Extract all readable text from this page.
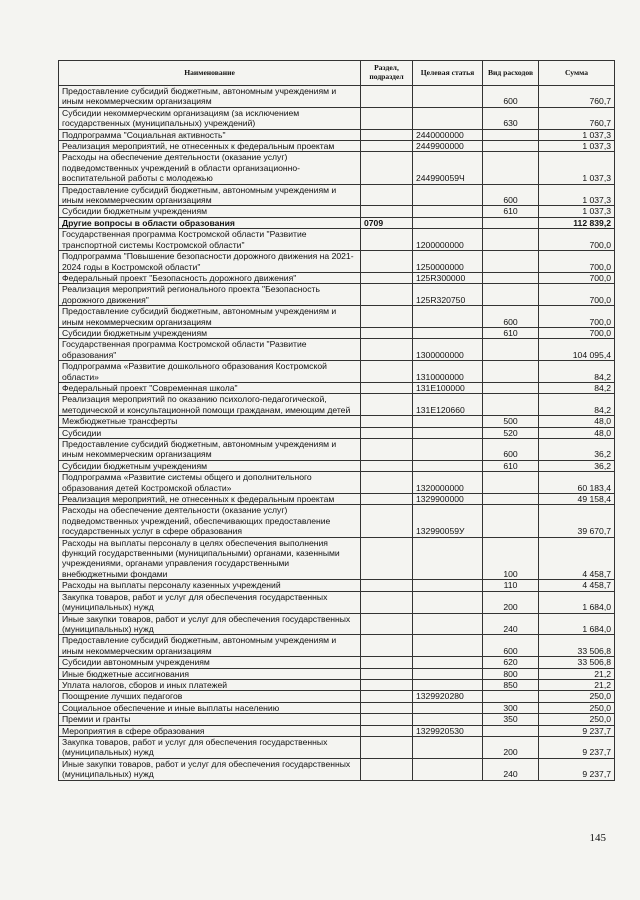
Наименование	Раздел, подраздел	Целевая статья	Вид расходов	Сумма
Предоставление субсидий бюджетным, автономным учреждениям и иным некоммерческим организациям			600	760,7
Субсидии некоммерческим организациям (за исключением государственных (муниципальных) учреждений)			630	760,7
Подпрограмма "Социальная активность"		2440000000		1 037,3
Реализация мероприятий, не отнесенных к федеральным проектам		2449900000		1 037,3
Расходы на обеспечение деятельности (оказание услуг) подведомственных учреждений в области организационно-воспитательной работы с молодежью		244990059Ч		1 037,3
Предоставление субсидий бюджетным, автономным учреждениям и иным некоммерческим организациям			600	1 037,3
Субсидии бюджетным учреждениям			610	1 037,3
Другие вопросы в области образования	0709			112 839,2
Государственная программа Костромской области "Развитие транспортной системы Костромской области"		1200000000		700,0
Подпрограмма "Повышение безопасности дорожного движения на 2021-2024 годы в Костромской области"		1250000000		700,0
Федеральный проект "Безопасность дорожного движения"		125R300000		700,0
Реализация мероприятий регионального проекта "Безопасность дорожного движения"		125R320750		700,0
Предоставление субсидий бюджетным, автономным учреждениям и иным некоммерческим организациям			600	700,0
Субсидии бюджетным учреждениям			610	700,0
Государственная программа Костромской области "Развитие образования"		1300000000		104 095,4
Подпрограмма «Развитие дошкольного образования Костромской области»		1310000000		84,2
Федеральный проект "Современная школа"		131E100000		84,2
Реализация мероприятий по оказанию психолого-педагогической, методической и консультационной помощи гражданам, имеющим детей		131E120660		84,2
Межбюджетные трансферты			500	48,0
Субсидии			520	48,0
Предоставление субсидий бюджетным, автономным учреждениям и иным некоммерческим организациям			600	36,2
Субсидии бюджетным учреждениям			610	36,2
Подпрограмма «Развитие системы общего и дополнительного образования детей Костромской области»		1320000000		60 183,4
Реализация мероприятий, не отнесенных к федеральным проектам		1329900000		49 158,4
Расходы на обеспечение деятельности (оказание услуг) подведомственных учреждений, обеспечивающих предоставление государственных услуг в сфере образования		132990059У		39 670,7
Расходы на выплаты персоналу в целях обеспечения выполнения функций государственными (муниципальными) органами, казенными учреждениями, органами управления государственными внебюджетными фондами			100	4 458,7
Расходы на выплаты персоналу казенных учреждений			110	4 458,7
Закупка товаров, работ и услуг для обеспечения государственных (муниципальных) нужд			200	1 684,0
Иные закупки товаров, работ и услуг для обеспечения государственных (муниципальных) нужд			240	1 684,0
Предоставление субсидий бюджетным, автономным учреждениям и иным некоммерческим организациям			600	33 506,8
Субсидии автономным учреждениям			620	33 506,8
Иные бюджетные ассигнования			800	21,2
Уплата налогов, сборов и иных платежей			850	21,2
Поощрение лучших педагогов		1329920280		250,0
Социальное обеспечение и иные выплаты населению			300	250,0
Премии и гранты			350	250,0
Мероприятия в сфере образования		1329920530		9 237,7
Закупка товаров, работ и услуг для обеспечения государственных (муниципальных) нужд			200	9 237,7
Иные закупки товаров, работ и услуг для обеспечения государственных (муниципальных) нужд			240	9 237,7
145
